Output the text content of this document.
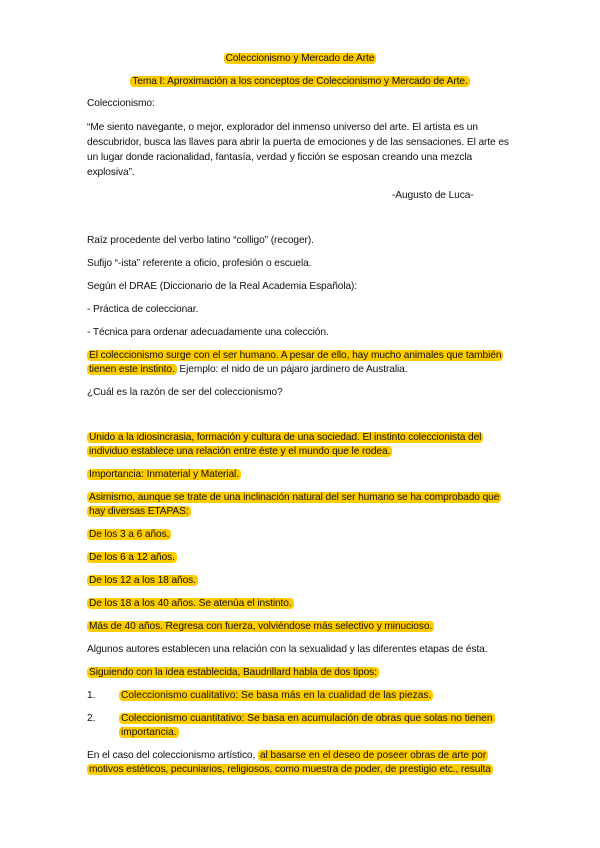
Coleccionismo y Mercado de Arte
Tema I: Aproximación a los conceptos de Coleccionismo y Mercado de Arte.
Coleccionismo:
“Me siento navegante, o mejor, explorador del inmenso universo del arte. El artista es un
descubridor, busca las llaves para abrir la puerta de emociones y de las sensaciones. El arte es
un lugar donde racionalidad, fantasía, verdad y ficción se esposan creando una mezcla
explosiva”.
-Augusto de Luca-
Raíz procedente del verbo latino “colligo” (recoger).
Sufijo “-ista” referente a oficio, profesión o escuela.
Según el DRAE (Diccionario de la Real Academia Española):
- Práctica de coleccionar.
- Técnica para ordenar adecuadamente una colección.
El coleccionismo surge con el ser humano. A pesar de ello, hay mucho animales que también
tienen este instinto. Ejemplo: el nido de un pájaro jardinero de Australia.
¿Cuál es la razón de ser del coleccionismo?
Unido a la idiosincrasia, formación y cultura de una sociedad. El instinto coleccionista del
individuo establece una relación entre éste y el mundo que le rodea.
Importancia: Inmaterial y Material.
Asimismo, aunque se trate de una inclinación natural del ser humano se ha comprobado que
hay diversas ETAPAS:
De los 3 a 6 años.
De los 6 a 12 años.
De los 12 a los 18 años.
De los 18 a los 40 años. Se atenúa el instinto.
Más de 40 años. Regresa con fuerza, volviéndose más selectivo y minucioso.
Algunos autores establecen una relación con la sexualidad y las diferentes etapas de ésta.
Siguiendo con la idea establecida, Baudrillard habla de dos tipos:
1.	Coleccionismo cualitativo: Se basa más en la cualidad de las piezas.
2.	Coleccionismo cuantitativo: Se basa en acumulación de obras que solas no tienen
importancia.
En el caso del coleccionismo artístico, al basarse en el deseo de poseer obras de arte por
motivos estéticos, pecuniarios, religiosos, como muestra de poder, de prestigio etc., resulta
